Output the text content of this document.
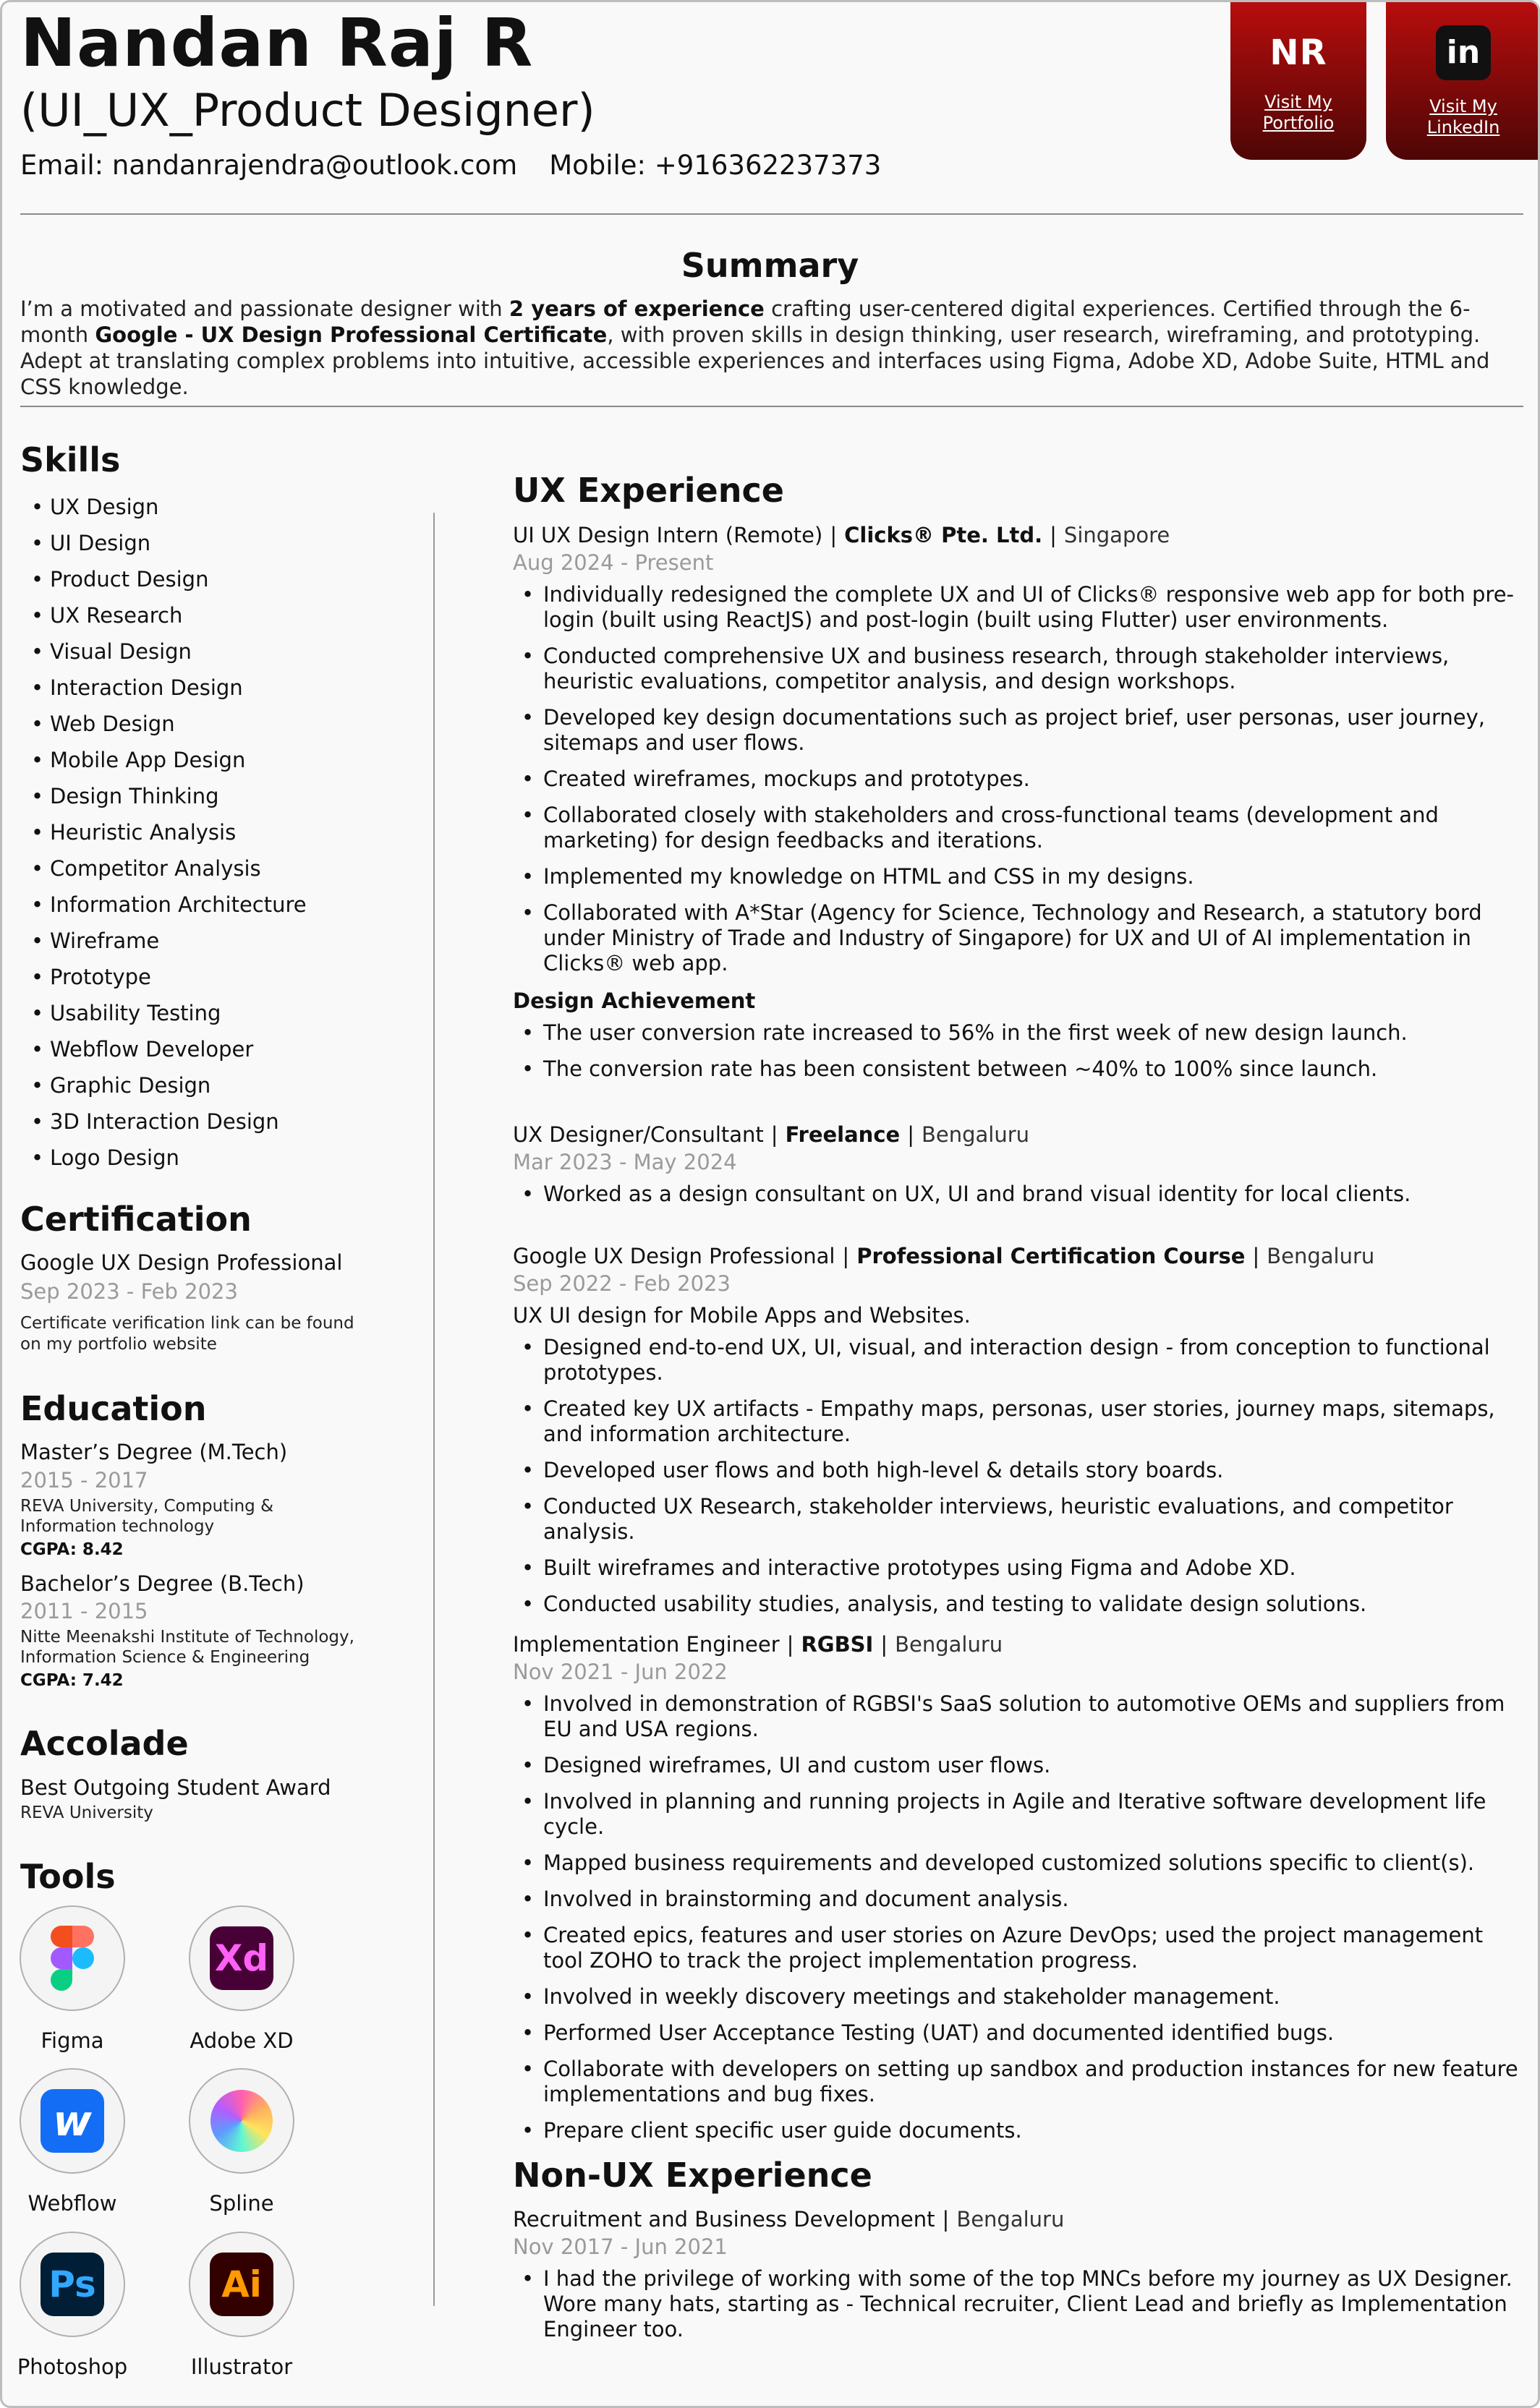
Nandan Raj R
(UI_UX_Product Designer)
Email: nandanrajendra@outlook.com Mobile: +916362237373
NR
Visit My Portfolio
in
Visit My LinkedIn
Summary
I’m a motivated and passionate designer with 2 years of experience crafting user-centered digital experiences. Certified through the 6-month Google - UX Design Professional Certificate, with proven skills in design thinking, user research, wireframing, and prototyping. Adept at translating complex problems into intuitive, accessible experiences and interfaces using Figma, Adobe XD, Adobe Suite, HTML and CSS knowledge.
Skills
• UX Design
• UI Design
• Product Design
• UX Research
• Visual Design
• Interaction Design
• Web Design
• Mobile App Design
• Design Thinking
• Heuristic Analysis
• Competitor Analysis
• Information Architecture
• Wireframe
• Prototype
• Usability Testing
• Webflow Developer
• Graphic Design
• 3D Interaction Design
• Logo Design
Certification
Google UX Design Professional
Sep 2023 - Feb 2023
Certificate verification link can be found
on my portfolio website
Education
Master’s Degree (M.Tech)
2015 - 2017
REVA University, Computing &
Information technology
CGPA: 8.42
Bachelor’s Degree (B.Tech)
2011 - 2015
Nitte Meenakshi Institute of Technology,
Information Science & Engineering
CGPA: 7.42
Accolade
Best Outgoing Student Award
REVA University
Tools
Figma
Xd
Adobe XD
w
Webflow	Spline
Ps
Photoshop
Ai
Illustrator
UX Experience
UI UX Design Intern (Remote) | Clicks® Pte. Ltd. | Singapore
Aug 2024 - Present
• Individually redesigned the complete UX and UI of Clicks® responsive web app for both pre-login (built using ReactJS) and post-login (built using Flutter) user environments.
• Conducted comprehensive UX and business research, through stakeholder interviews, heuristic evaluations, competitor analysis, and design workshops.
• Developed key design documentations such as project brief, user personas, user journey, sitemaps and user flows.
• Created wireframes, mockups and prototypes.
• Collaborated closely with stakeholders and cross-functional teams (development and marketing) for design feedbacks and iterations.
• Implemented my knowledge on HTML and CSS in my designs.
• Collaborated with A*Star (Agency for Science, Technology and Research, a statutory bord under Ministry of Trade and Industry of Singapore) for UX and UI of AI implementation in Clicks® web app.
Design Achievement
• The user conversion rate increased to 56% in the first week of new design launch.
• The conversion rate has been consistent between ~40% to 100% since launch.
UX Designer/Consultant | Freelance | Bengaluru
Mar 2023 - May 2024
• Worked as a design consultant on UX, UI and brand visual identity for local clients.
Google UX Design Professional | Professional Certification Course | Bengaluru
Sep 2022 - Feb 2023
UX UI design for Mobile Apps and Websites.
• Designed end-to-end UX, UI, visual, and interaction design - from conception to functional prototypes.
• Created key UX artifacts - Empathy maps, personas, user stories, journey maps, sitemaps, and information architecture.
• Developed user flows and both high-level & details story boards.
• Conducted UX Research, stakeholder interviews, heuristic evaluations, and competitor analysis.
• Built wireframes and interactive prototypes using Figma and Adobe XD.
• Conducted usability studies, analysis, and testing to validate design solutions.
Implementation Engineer | RGBSI | Bengaluru
Nov 2021 - Jun 2022
• Involved in demonstration of RGBSI's SaaS solution to automotive OEMs and suppliers from EU and USA regions.
• Designed wireframes, UI and custom user flows.
• Involved in planning and running projects in Agile and Iterative software development life cycle.
• Mapped business requirements and developed customized solutions specific to client(s).
• Involved in brainstorming and document analysis.
• Created epics, features and user stories on Azure DevOps; used the project management tool ZOHO to track the project implementation progress.
• Involved in weekly discovery meetings and stakeholder management.
• Performed User Acceptance Testing (UAT) and documented identified bugs.
• Collaborate with developers on setting up sandbox and production instances for new feature implementations and bug fixes.
• Prepare client specific user guide documents.
Non-UX Experience
Recruitment and Business Development | Bengaluru
Nov 2017 - Jun 2021
• I had the privilege of working with some of the top MNCs before my journey as UX Designer. Wore many hats, starting as - Technical recruiter, Client Lead and briefly as Implementation Engineer too.
